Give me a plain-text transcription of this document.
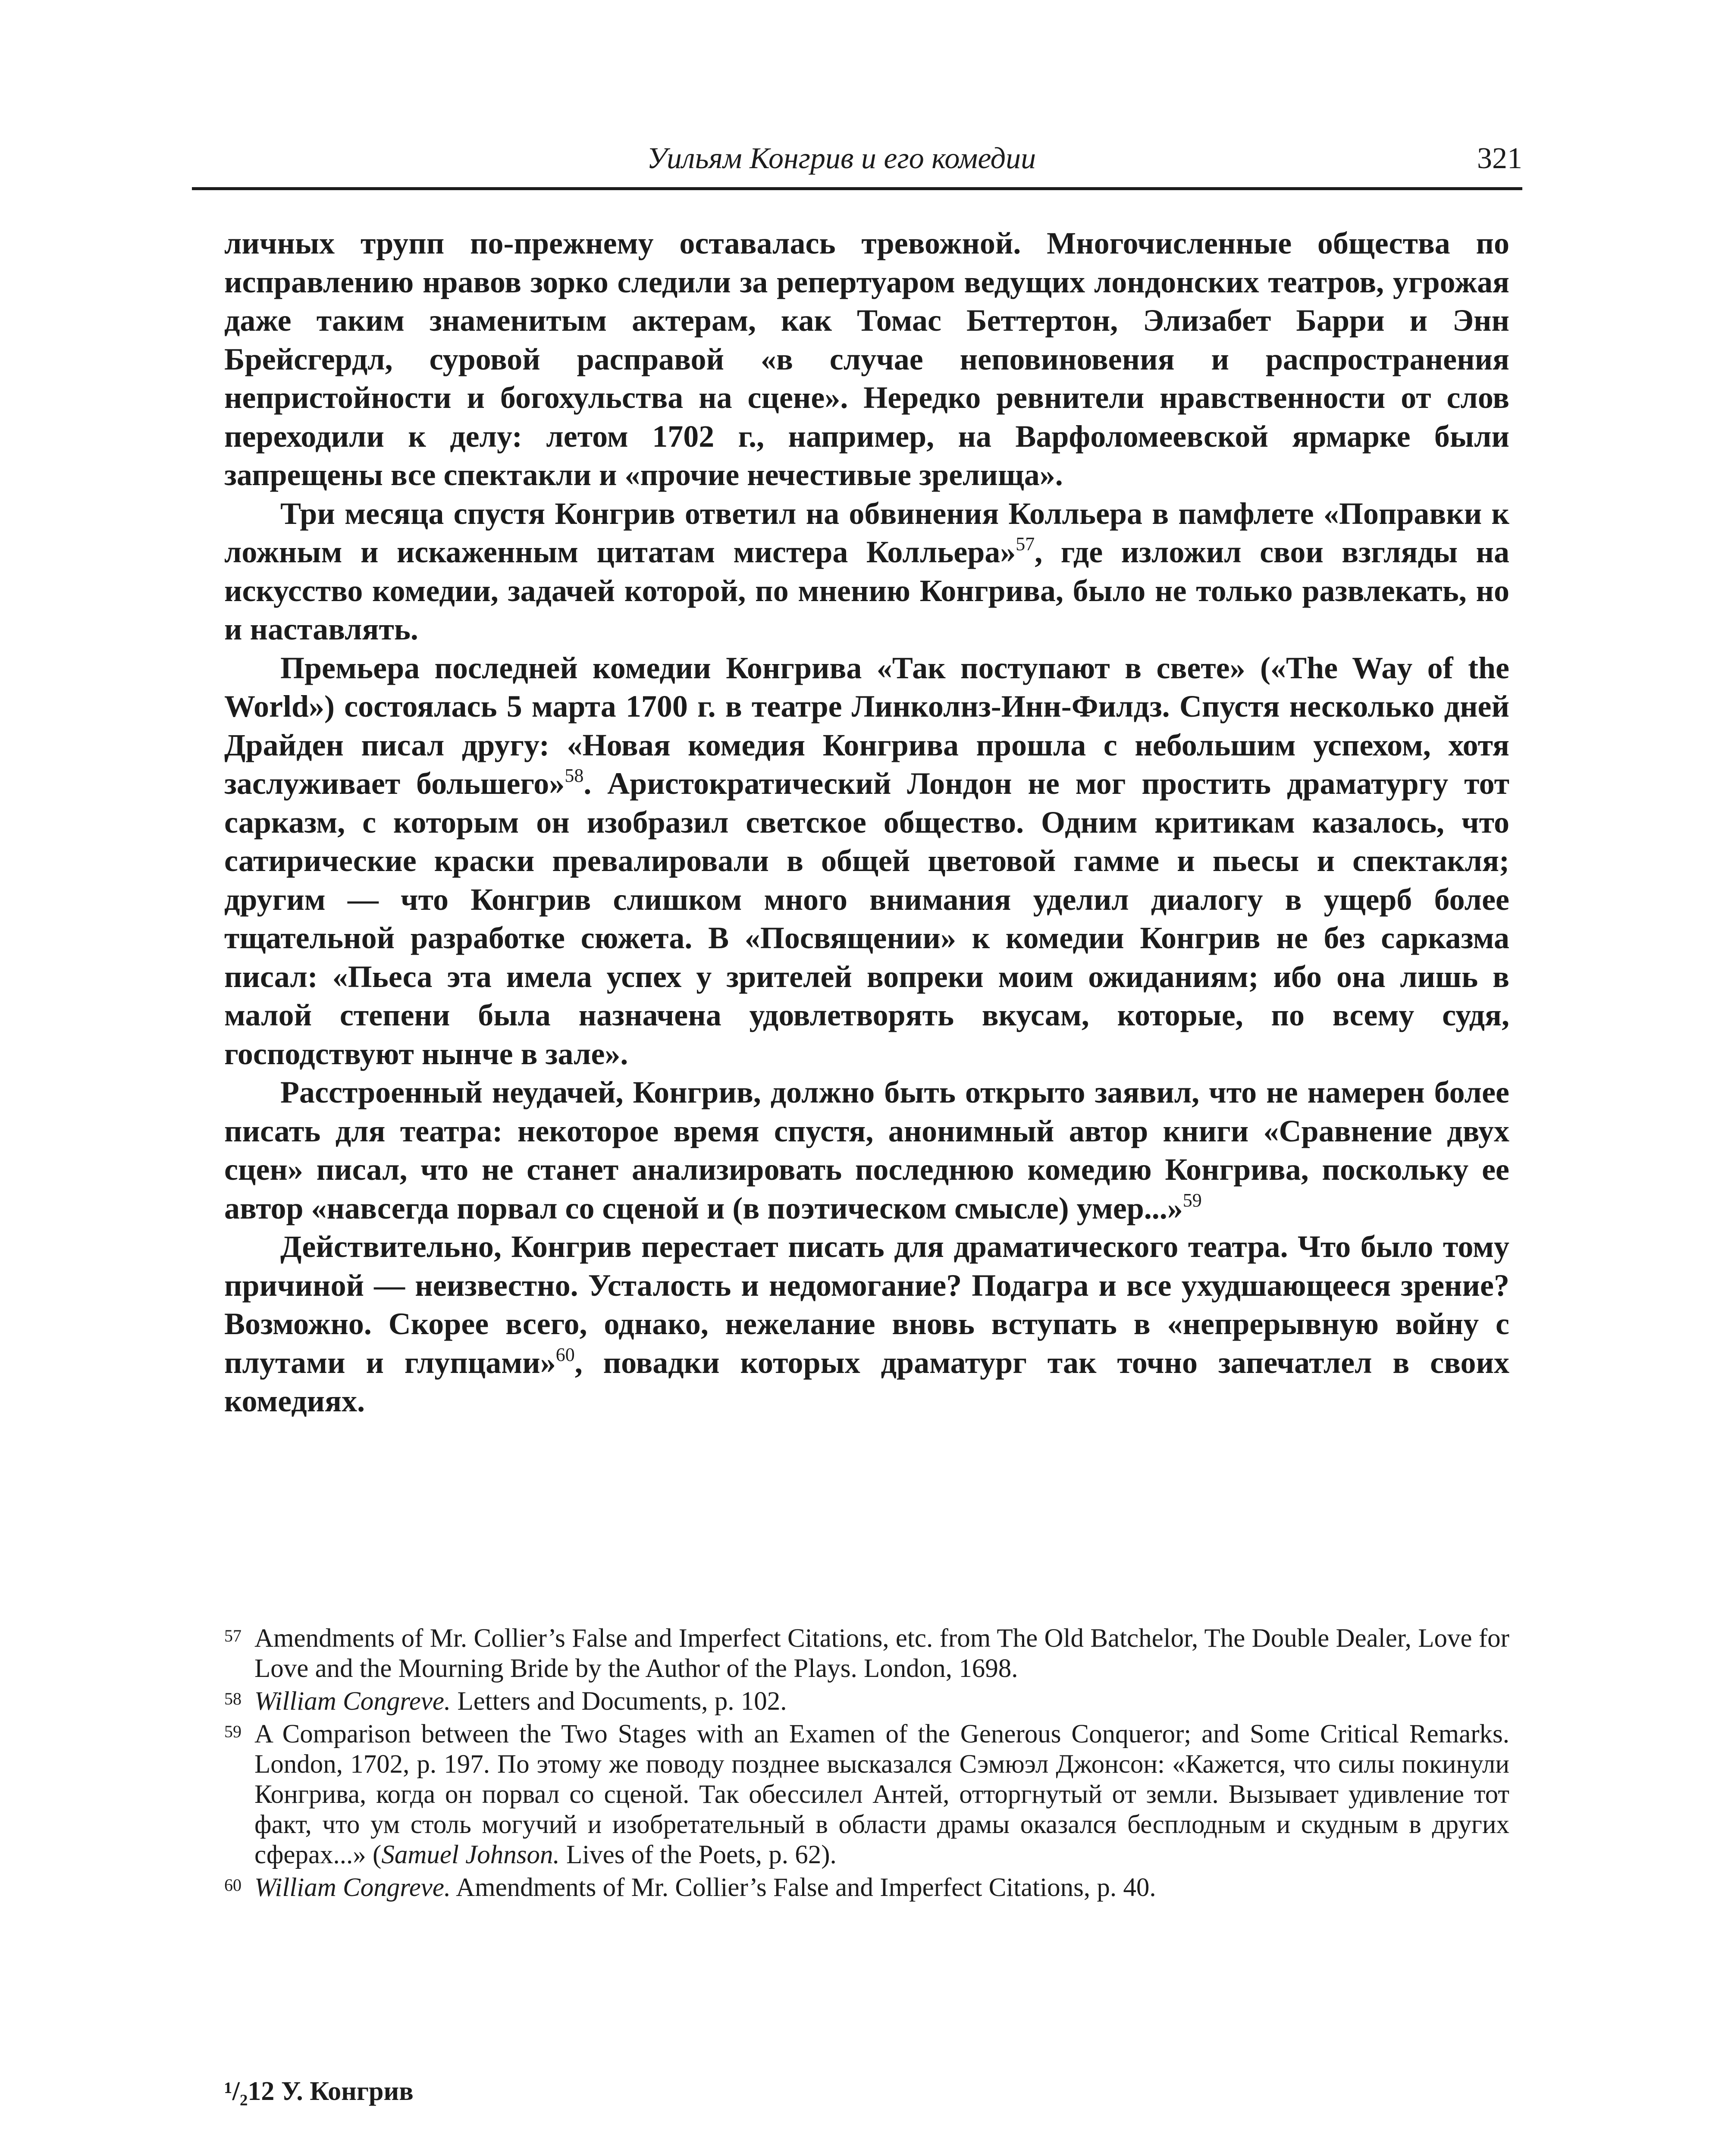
Уильям Конгрив и его комедии	321

личных трупп по-прежнему оставалась тревожной. Многочисленные общества по исправлению нравов зорко следили за репертуаром ведущих лондонских театров, угрожая даже таким знаменитым актерам, как Томас Беттертон, Элизабет Барри и Энн Брейсгердл, суровой расправой «в случае неповиновения и распространения непристойности и богохульства на сцене». Нередко ревнители нравственности от слов переходили к делу: летом 1702 г., например, на Варфоломеевской ярмарке были запрещены все спектакли и «прочие нечестивые зрелища».

Три месяца спустя Конгрив ответил на обвинения Колльера в памфлете «Поправки к ложным и искаженным цитатам мистера Колльера»$^{57}$, где изложил свои взгляды на искусство комедии, задачей которой, по мнению Конгрива, было не только развлекать, но и наставлять.

Премьера последней комедии Конгрива «Так поступают в свете» («The Way of the World») состоялась 5 марта 1700 г. в театре Линколнз-Инн-Филдз. Спустя несколько дней Драйден писал другу: «Новая комедия Конгрива прошла с небольшим успехом, хотя заслуживает большего»$^{58}$. Аристократический Лондон не мог простить драматургу тот сарказм, с которым он изобразил светское общество. Одним критикам казалось, что сатирические краски превалировали в общей цветовой гамме и пьесы и спектакля; другим — что Конгрив слишком много внимания уделил диалогу в ущерб более тщательной разработке сюжета. В «Посвящении» к комедии Конгрив не без сарказма писал: «Пьеса эта имела успех у зрителей вопреки моим ожиданиям; ибо она лишь в малой степени была назначена удовлетворять вкусам, которые, по всему судя, господствуют нынче в зале».

Расстроенный неудачей, Конгрив, должно быть открыто заявил, что не намерен более писать для театра: некоторое время спустя, анонимный автор книги «Сравнение двух сцен» писал, что не станет анализировать последнюю комедию Конгрива, поскольку ее автор «навсегда порвал со сценой и (в поэтическом смысле) умер...»$^{59}$

Действительно, Конгрив перестает писать для драматического театра. Что было тому причиной — неизвестно. Усталость и недомогание? Подагра и все ухудшающееся зрение? Возможно. Скорее всего, однако, нежелание вновь вступать в «непрерывную войну с плутами и глупцами»$^{60}$, повадки которых драматург так точно запечатлел в своих комедиях.

57 Amendments of Mr. Collier’s False and Imperfect Citations, etc. from The Old Batchelor, The Double Dealer, Love for Love and the Mourning Bride by the Author of the Plays. London, 1698.
58 William Congreve. Letters and Documents, p. 102.
59 A Comparison between the Two Stages with an Examen of the Generous Conqueror; and Some Critical Remarks. London, 1702, p. 197. По этому же поводу позднее высказался Сэмюэл Джонсон: «Кажется, что силы покинули Конгрива, когда он порвал со сценой. Так обессилел Антей, отторгнутый от земли. Вызывает удивление тот факт, что ум столь могучий и изобретательный в области драмы оказался бесплодным и скудным в других сферах...» (Samuel Johnson. Lives of the Poets, p. 62).
60 William Congreve. Amendments of Mr. Collier’s False and Imperfect Citations, p. 40.
¹/₂12 У. Конгрив
